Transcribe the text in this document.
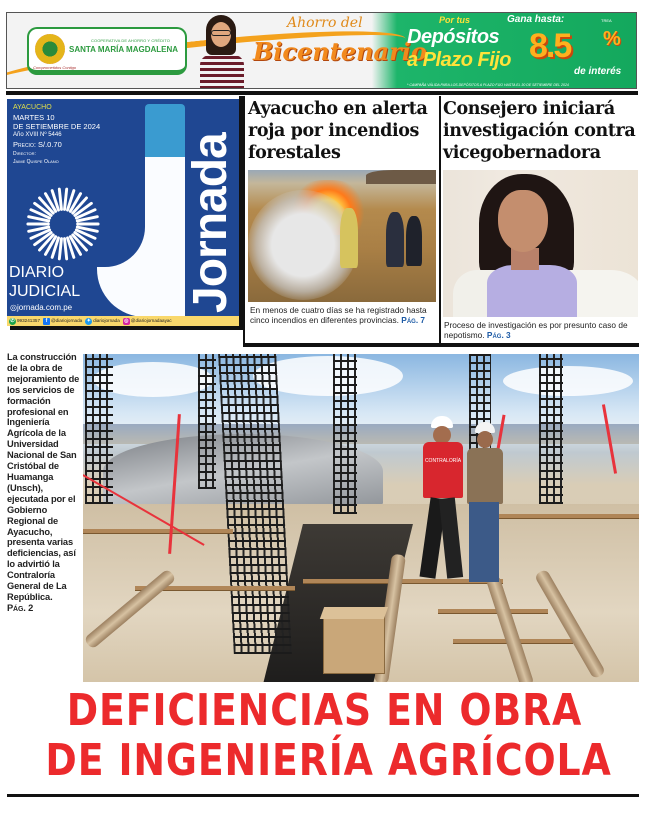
COOPERATIVA DE AHORRO Y CRÉDITO
SANTA MARÍA MAGDALENA
Comprometidos Contigo
Ahorro del
Bicentenario
Por tus
Depósitos
a Plazo Fijo
Gana hasta:	TREA
8.5 %
de interés
* CAMPAÑA VÁLIDA PARA LOS DEPÓSITOS A PLAZO FIJO HASTA EL 30 DE SETIEMBRE DEL 2024
AYACUCHO
MARTES 10
DE SETIEMBRE DE 2024
Año XVIII Nº 5446
Precio: S/.0.70
Director:
Jaime Quispe Olano
DIARIO
JUDICIAL
◎jornada.com.pe Jornada
✆ 993241357	f @diariojornada ✦ diariojornada ◎ @diariojornadaayac
Ayacucho en alerta roja por incendios forestales
En menos de cuatro días se ha registrado hasta cinco incendios en diferentes provincias. Pág. 7
Consejero iniciará investigación contra vicegobernadora
Proceso de investigación es por presunto caso de nepotismo. Pág. 3
La construcción de la obra de mejoramiento de los servicios de formación profesional en Ingeniería Agrícola de la Universidad Nacional de San Cristóbal de Huamanga (Unsch), ejecutada por el Gobierno Regional de Ayacucho, presenta varias deficiencias, así lo advirtió la Contraloría General de La República.
Pág. 2
CONTRALORÍA
DEFICIENCIAS EN OBRA
DE INGENIERÍA AGRÍCOLA
